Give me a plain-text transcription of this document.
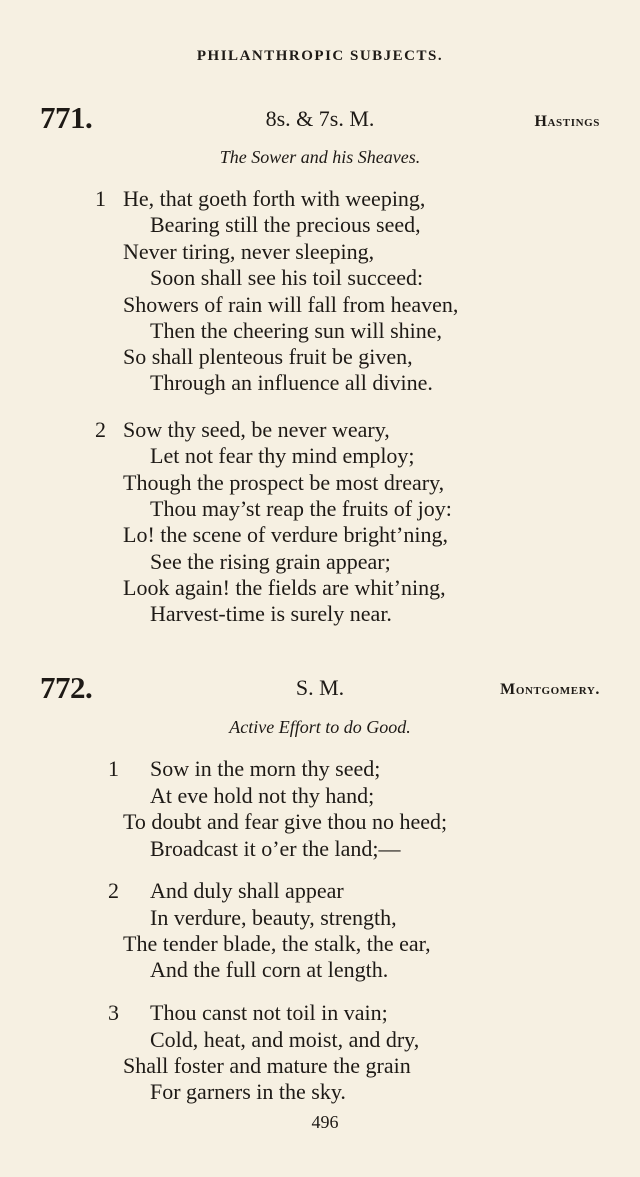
PHILANTHROPIC SUBJECTS.
771.	8s. & 7s. M.	Hastings
The Sower and his Sheaves.
1 He, that goeth forth with weeping,
Bearing still the precious seed,
Never tiring, never sleeping,
Soon shall see his toil succeed:
Showers of rain will fall from heaven,
Then the cheering sun will shine,
So shall plenteous fruit be given,
Through an influence all divine.
2 Sow thy seed, be never weary,
Let not fear thy mind employ;
Though the prospect be most dreary,
Thou may’st reap the fruits of joy:
Lo! the scene of verdure bright’ning,
See the rising grain appear;
Look again! the fields are whit’ning,
Harvest-time is surely near.
772.	S. M.	Montgomery.
Active Effort to do Good.
1 Sow in the morn thy seed;
At eve hold not thy hand;
To doubt and fear give thou no heed;
Broadcast it o’er the land;—
2 And duly shall appear
In verdure, beauty, strength,
The tender blade, the stalk, the ear,
And the full corn at length.
3 Thou canst not toil in vain;
Cold, heat, and moist, and dry,
Shall foster and mature the grain
For garners in the sky.
496
